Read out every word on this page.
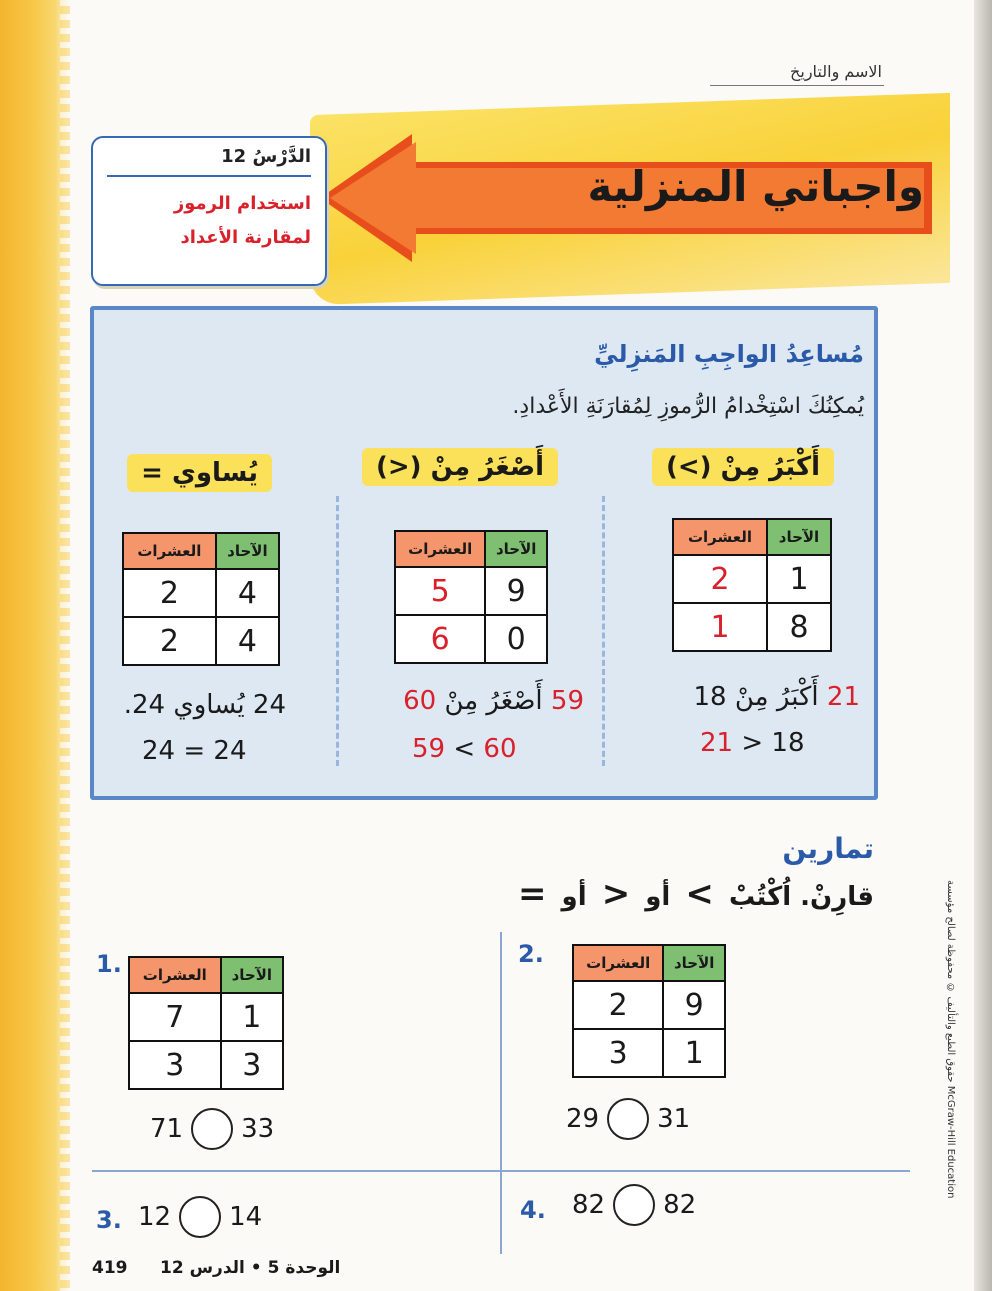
حقوق الطبع والتأليف © محفوظة لصالح مؤسسة McGraw-Hill Education
الاسم والتاريخ
واجباتي المنزلية
الدَّرْسُ 12
استخدام الرموز
لمقارنة الأعداد
مُساعِدُ الواجِبِ المَنزِليِّ
يُمكِنُكَ اسْتِخْدامُ الرُّموزِ لِمُقارَنَةِ الأَعْدادِ.
أَكْبَرُ مِنْ (>)
العشرات	الآحاد
2	1
1	8
21 أَكْبَرُ مِنْ 18
21 > 18
أَصْغَرُ مِنْ (<)
العشرات	الآحاد
5	9
6	0
59 أَصْغَرُ مِنْ 60
59 < 60
يُساوي =
العشرات	الآحاد
2	4
2	4
24 يُساوي 24.
24 = 24
تمارين
قارِنْ. اُكْتُبْ > أو < أو =
1. العشرات	الآحاد
7	1
3	3
71 33
2.	العشرات	الآحاد
2	9
3	1
29 31
3. 12 14	4. 82 82
419 الوحدة 5 • الدرس 12
